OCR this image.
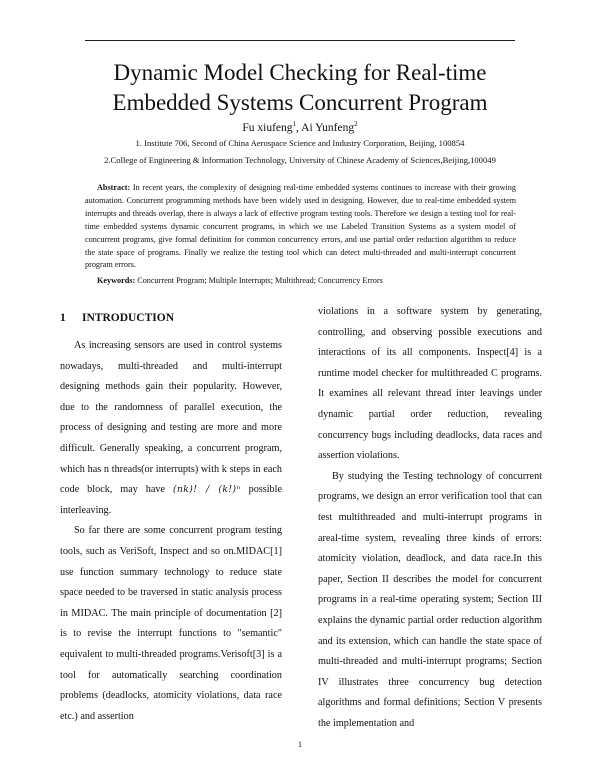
Dynamic Model Checking for Real-time
Embedded Systems Concurrent Program
Fu xiufeng$^1$, Ai Yunfeng$^2$
1. Institute 706, Second of China Aerospace Science and Industry Corporation, Beijing, 100854
2.College of Engineering & Information Technology, University of Chinese Academy of Sciences,Beijing,100049
Abstract: In recent years, the complexity of designing real-time embedded systems continues to increase with their growing automation. Concurrent programming methods have been widely used in designing. However, due to real-time embedded system interrupts and threads overlap, there is always a lack of effective program testing tools. Therefore we design a testing tool for real-time embedded systems dynamic concurrent programs, in which we use Labeled Transition Systems as a system model of concurrent programs, give formal definition for common concurrency errors, and use partial order reduction algorithm to reduce the state space of programs. Finally we realize the testing tool which can detect multi-threaded and multi-interrupt concurrent program errors.
Keywords: Concurrent Program; Multiple Interrupts; Multithread; Concurrency Errors
1 INTRODUCTION

As increasing sensors are used in control systems nowadays, multi-threaded and multi-interrupt designing methods gain their popularity. However, due to the randomness of parallel execution, the process of designing and testing are more and more difficult. Generally speaking, a concurrent program, which has n threads(or interrupts) with k steps in each code block, may have (nk)! / (k!)ⁿ possible interleaving.

So far there are some concurrent program testing tools, such as VeriSoft, Inspect and so on.MIDAC[1] use function summary technology to reduce state space needed to be traversed in static analysis process in MIDAC. The main principle of documentation [2] is to revise the interrupt functions to "semantic" equivalent to multi-threaded programs.Verisoft[3] is a tool for automatically searching coordination problems (deadlocks, atomicity violations, data race etc.) and assertion

violations in a software system by generating, controlling, and observing possible executions and interactions of its all components. Inspect[4] is a runtime model checker for multithreaded C programs. It examines all relevant thread inter leavings under dynamic partial order reduction, revealing concurrency bugs including deadlocks, data races and assertion violations.

By studying the Testing technology of concurrent programs, we design an error verification tool that can test multithreaded and multi-interrupt programs in areal-time system, revealing three kinds of errors: atomicity violation, deadlock, and data race.In this paper, Section II describes the model for concurrent programs in a real-time operating system; Section III explains the dynamic partial order reduction algorithm and its extension, which can handle the state space of multi-threaded and multi-interrupt programs; Section IV illustrates three concurrency bug detection algorithms and formal definitions; Section V presents the implementation and

1
